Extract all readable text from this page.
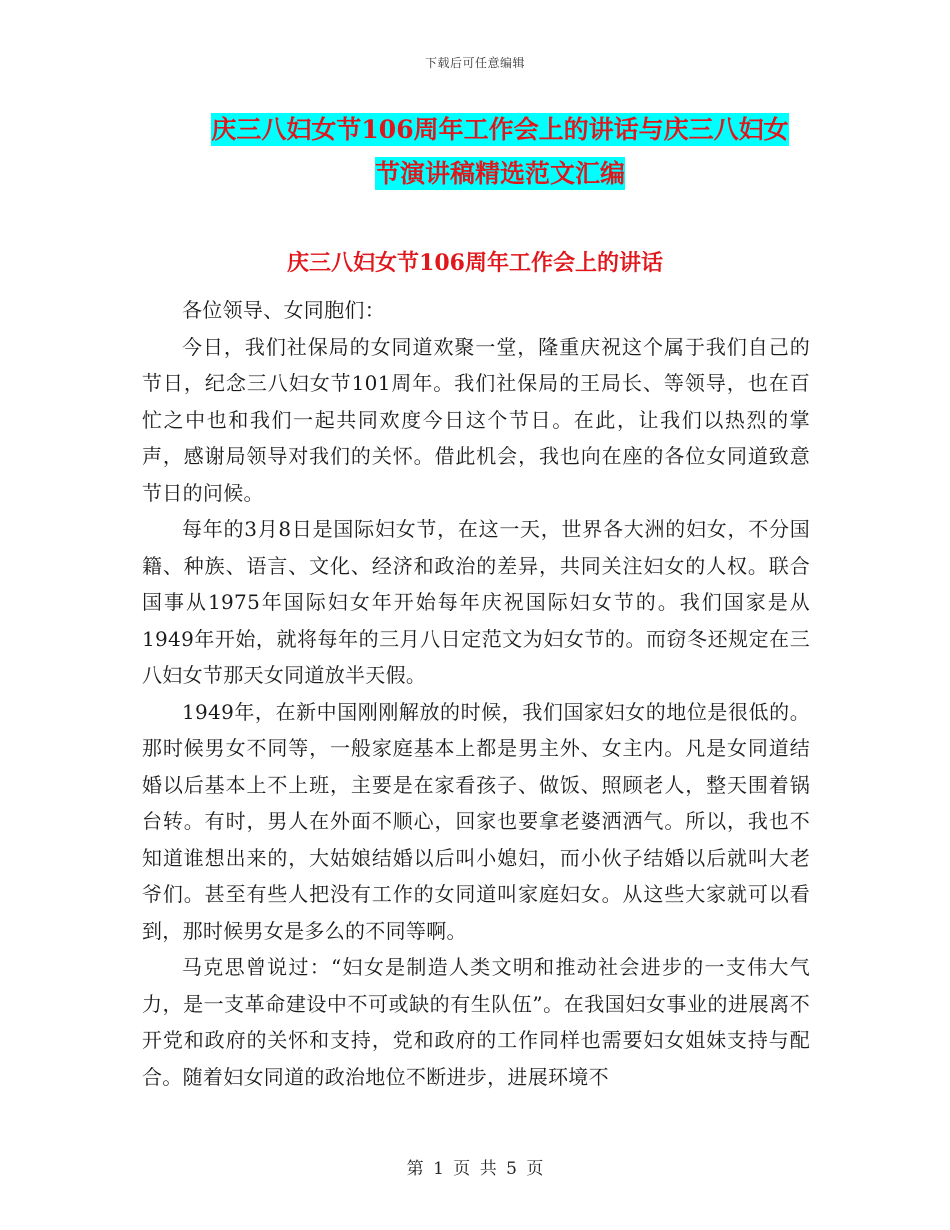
下载后可任意编辑
庆三八妇女节106周年工作会上的讲话与庆三八妇女
节演讲稿精选范文汇编
庆三八妇女节106周年工作会上的讲话

各位领导、女同胞们：

今日，我们社保局的女同道欢聚一堂，隆重庆祝这个属于我们自己的节日，纪念三八妇女节101周年。我们社保局的王局长、等领导，也在百忙之中也和我们一起共同欢度今日这个节日。在此，让我们以热烈的掌声，感谢局领导对我们的关怀。借此机会，我也向在座的各位女同道致意节日的问候。

每年的3月8日是国际妇女节，在这一天，世界各大洲的妇女，不分国籍、种族、语言、文化、经济和政治的差异，共同关注妇女的人权。联合国事从1975年国际妇女年开始每年庆祝国际妇女节的。我们国家是从1949年开始，就将每年的三月八日定范文为妇女节的。而窃冬还规定在三八妇女节那天女同道放半天假。

1949年，在新中国刚刚解放的时候，我们国家妇女的地位是很低的。那时候男女不同等，一般家庭基本上都是男主外、女主内。凡是女同道结婚以后基本上不上班，主要是在家看孩子、做饭、照顾老人，整天围着锅台转。有时，男人在外面不顺心，回家也要拿老婆洒洒气。所以，我也不知道谁想出来的，大姑娘结婚以后叫小媳妇，而小伙子结婚以后就叫大老爷们。甚至有些人把没有工作的女同道叫家庭妇女。从这些大家就可以看到，那时候男女是多么的不同等啊。

马克思曾说过：“妇女是制造人类文明和推动社会进步的一支伟大气力，是一支革命建设中不可或缺的有生队伍”。在我国妇女事业的进展离不开党和政府的关怀和支持，党和政府的工作同样也需要妇女姐妹支持与配合。随着妇女同道的政治地位不断进步，进展环境不

第 1 页 共 5 页
